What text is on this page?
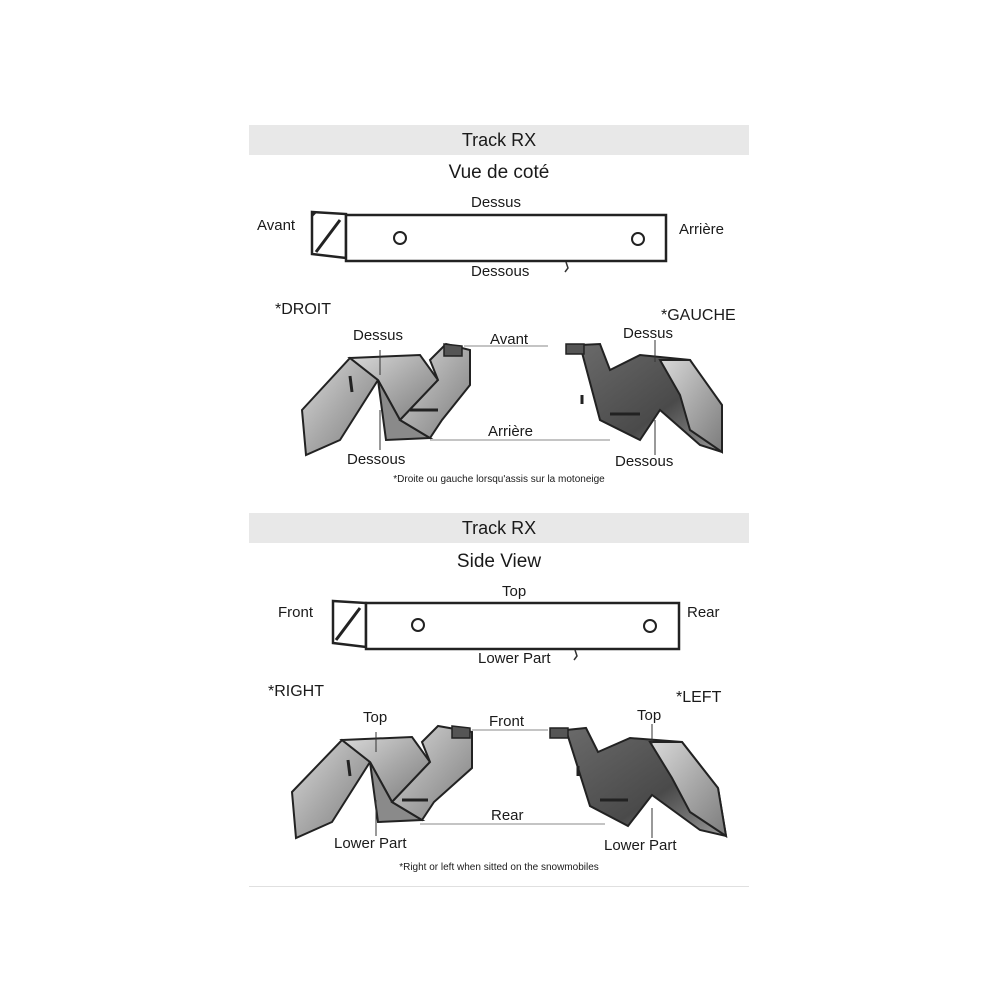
Track RX
Vue de coté
Dessus
Avant	Arrière
Dessous
*DROIT	*GAUCHE
Dessus	Avant	Dessus
Arrière
Dessous	Dessous
*Droite ou gauche lorsqu'assis sur la motoneige
Track RX
Side View
Top
Front	Rear
Lower Part
*RIGHT	*LEFT
Top	Front	Top
Rear
Lower Part	Lower Part
*Right or left when sitted on the snowmobiles
